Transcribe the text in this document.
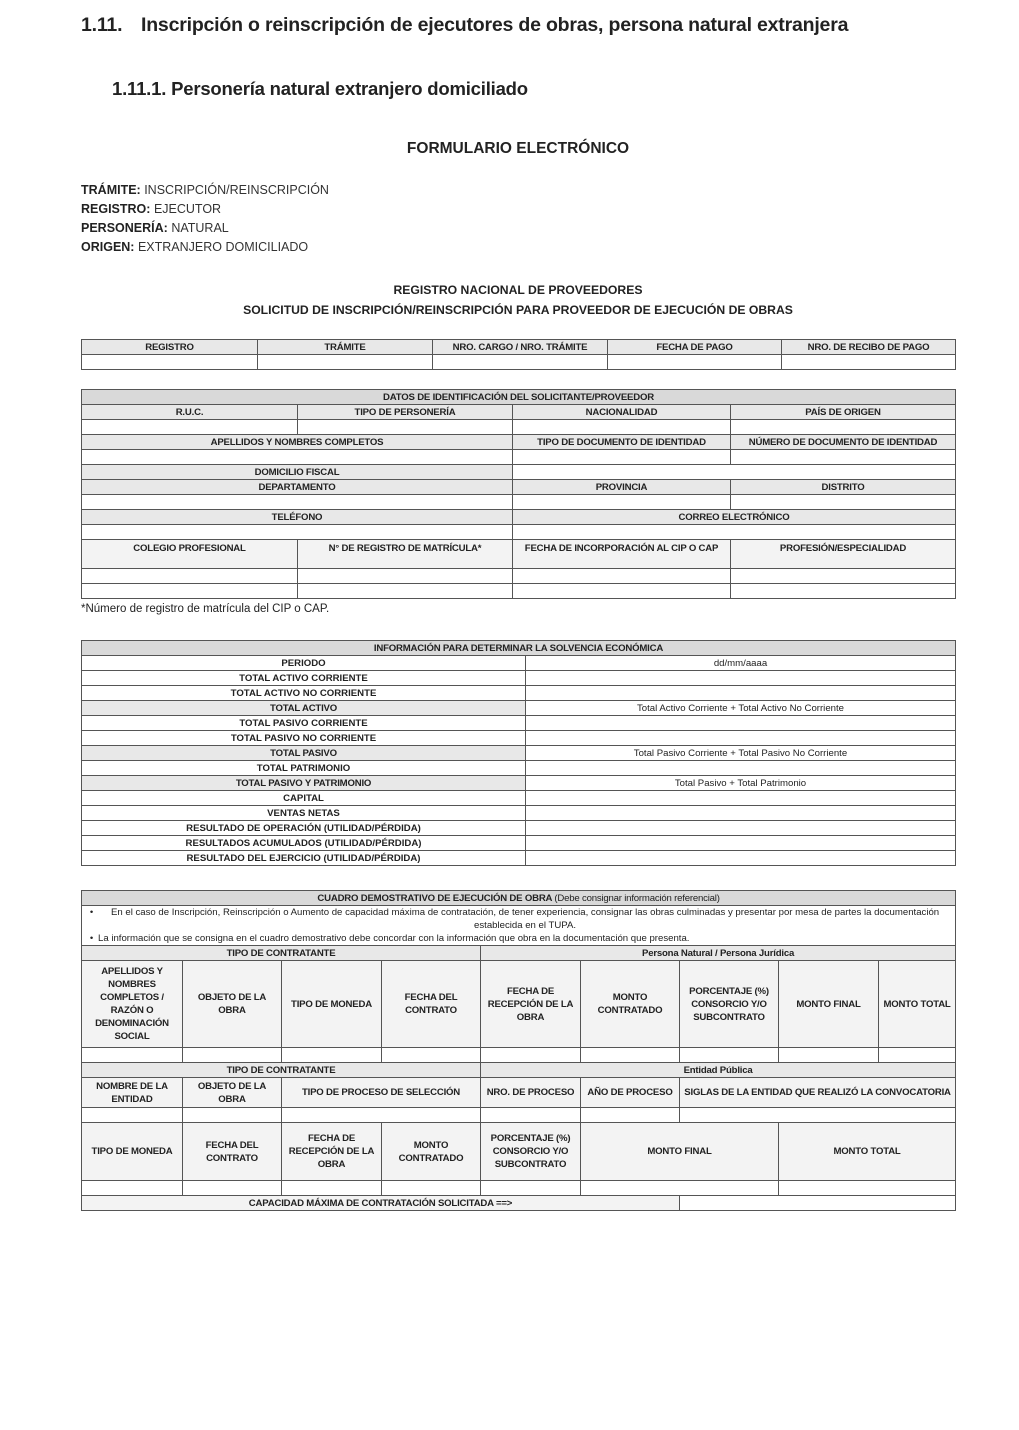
1.11. Inscripción o reinscripción de ejecutores de obras, persona natural extranjera
1.11.1. Personería natural extranjero domiciliado
FORMULARIO ELECTRÓNICO
TRÁMITE: INSCRIPCIÓN/REINSCRIPCIÓN
REGISTRO: EJECUTOR
PERSONERÍA: NATURAL
ORIGEN: EXTRANJERO DOMICILIADO
REGISTRO NACIONAL DE PROVEEDORES
SOLICITUD DE INSCRIPCIÓN/REINSCRIPCIÓN PARA PROVEEDOR DE EJECUCIÓN DE OBRAS
REGISTRO	TRÁMITE	NRO. CARGO / NRO. TRÁMITE	FECHA DE PAGO	NRO. DE RECIBO DE PAGO

DATOS DE IDENTIFICACIÓN DEL SOLICITANTE/PROVEEDOR			
R.U.C.	TIPO DE PERSONERÍA	NACIONALIDAD	PAÍS DE ORIGEN

APELLIDOS Y NOMBRES COMPLETOS		TIPO DE DOCUMENTO DE IDENTIDAD	NÚMERO DE DOCUMENTO DE IDENTIDAD

DOMICILIO FISCAL			
DEPARTAMENTO		PROVINCIA	DISTRITO

TELÉFONO		CORREO ELECTRÓNICO	

COLEGIO PROFESIONAL	N° DE REGISTRO DE MATRÍCULA*	FECHA DE INCORPORACIÓN AL CIP O CAP	PROFESIÓN/ESPECIALIDAD

*Número de registro de matrícula del CIP o CAP.
INFORMACIÓN PARA DETERMINAR LA SOLVENCIA ECONÓMICA	
PERIODO	dd/mm/aaaa
TOTAL ACTIVO CORRIENTE	
TOTAL ACTIVO NO CORRIENTE	
TOTAL ACTIVO	Total Activo Corriente + Total Activo No Corriente
TOTAL PASIVO CORRIENTE	
TOTAL PASIVO NO CORRIENTE	
TOTAL PASIVO	Total Pasivo Corriente + Total Pasivo No Corriente
TOTAL PATRIMONIO	
TOTAL PASIVO Y PATRIMONIO	Total Pasivo + Total Patrimonio
CAPITAL	
VENTAS NETAS	
RESULTADO DE OPERACIÓN (UTILIDAD/PÉRDIDA)	
RESULTADOS ACUMULADOS (UTILIDAD/PÉRDIDA)	
RESULTADO DEL EJERCICIO (UTILIDAD/PÉRDIDA)	
CUADRO DEMOSTRATIVO DE EJECUCIÓN DE OBRA (Debe consignar información referencial)								

• En el caso de Inscripción, Reinscripción o Aumento de capacidad máxima de contratación, de tener experiencia, consignar las obras culminadas y presentar por mesa de partes la documentación establecida en el TUPA.
• La información que se consigna en el cuadro demostrativo debe concordar con la información que obra en la documentación que presenta.								

TIPO DE CONTRATANTE				Persona Natural / Persona Jurídica				
APELLIDOS Y NOMBRES COMPLETOS / RAZÓN O DENOMINACIÓN SOCIAL	OBJETO DE LA OBRA	TIPO DE MONEDA	FECHA DEL CONTRATO	FECHA DE RECEPCIÓN DE LA OBRA	MONTO CONTRATADO	PORCENTAJE (%) CONSORCIO Y/O SUBCONTRATO	MONTO FINAL	MONTO TOTAL

TIPO DE CONTRATANTE				Entidad Pública				
NOMBRE DE LA ENTIDAD	OBJETO DE LA OBRA	TIPO DE PROCESO DE SELECCIÓN		NRO. DE PROCESO	AÑO DE PROCESO	SIGLAS DE LA ENTIDAD QUE REALIZÓ LA CONVOCATORIA		

TIPO DE MONEDA	FECHA DEL CONTRATO	FECHA DE RECEPCIÓN DE LA OBRA	MONTO CONTRATADO	PORCENTAJE (%) CONSORCIO Y/O SUBCONTRATO	MONTO FINAL		MONTO TOTAL	

CAPACIDAD MÁXIMA DE CONTRATACIÓN SOLICITADA ==>								
